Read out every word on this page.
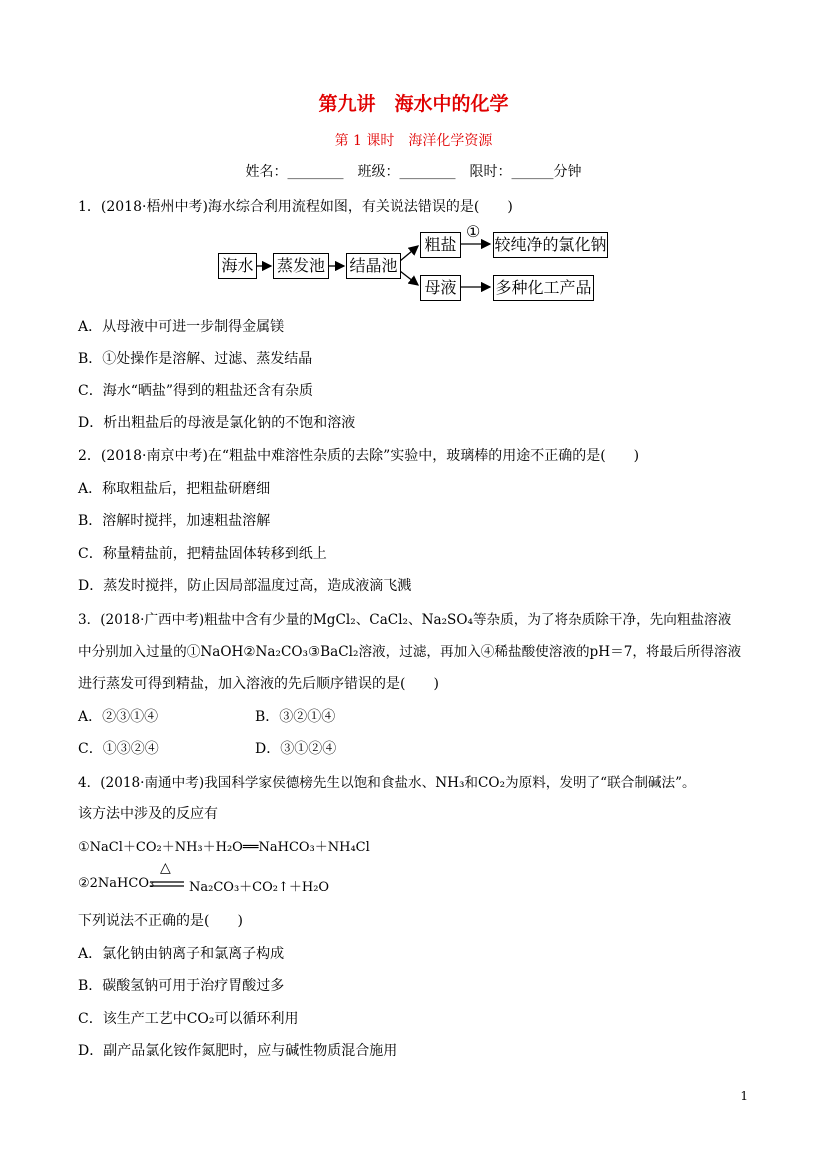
第九讲　海水中的化学
第 1 课时　海洋化学资源
姓名：________　班级：________　限时：______分钟
1．(2018·梧州中考)海水综合利用流程如图，有关说法错误的是(　　)
海水 蒸发池 结晶池
粗盐
母液
①
较纯净的氯化钠
多种化工产品
A．从母液中可进一步制得金属镁
B．①处操作是溶解、过滤、蒸发结晶
C．海水“晒盐”得到的粗盐还含有杂质
D．析出粗盐后的母液是氯化钠的不饱和溶液
2．(2018·南京中考)在“粗盐中难溶性杂质的去除”实验中，玻璃棒的用途不正确的是(　　)
A．称取粗盐后，把粗盐研磨细
B．溶解时搅拌，加速粗盐溶解
C．称量精盐前，把精盐固体转移到纸上
D．蒸发时搅拌，防止因局部温度过高，造成液滴飞溅
3．(2018·广西中考)粗盐中含有少量的MgCl₂、CaCl₂、Na₂SO₄等杂质，为了将杂质除干净，先向粗盐溶液
中分别加入过量的①NaOH②Na₂CO₃③BaCl₂溶液，过滤，再加入④稀盐酸使溶液的pH＝7，将最后所得溶液
进行蒸发可得到精盐，加入溶液的先后顺序错误的是(　　)
A．②③①④	B．③②①④
C．①③②④	D．③①②④
4．(2018·南通中考)我国科学家侯德榜先生以饱和食盐水、NH₃和CO₂为原料，发明了“联合制碱法”。
该方法中涉及的反应有
①NaCl＋CO₂＋NH₃＋H₂O══NaHCO₃＋NH₄Cl
②2NaHCO₃
△
Na₂CO₃＋CO₂↑＋H₂O
下列说法不正确的是(　　)
A．氯化钠由钠离子和氯离子构成
B．碳酸氢钠可用于治疗胃酸过多
C．该生产工艺中CO₂可以循环利用
D．副产品氯化铵作氮肥时，应与碱性物质混合施用
1
